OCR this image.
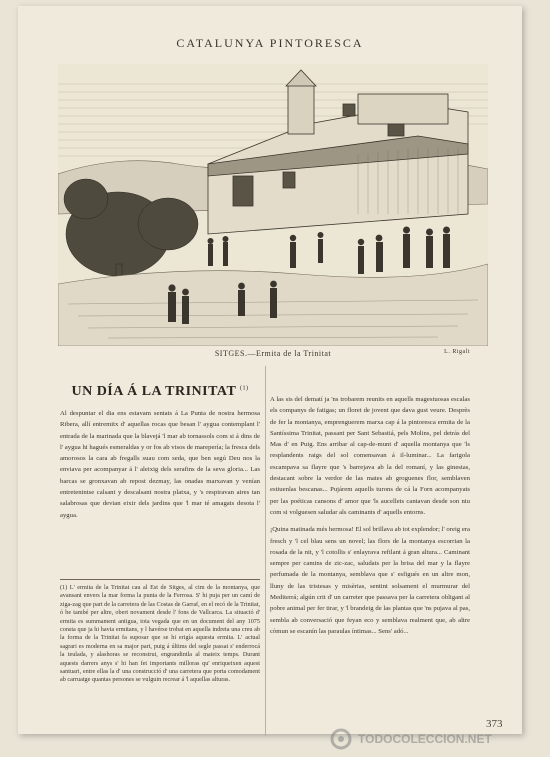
CATALUNYA PINTORESCA
SITGES.—Ermita de la Trinitat	L. Rigalt
UN DÍA Á LA TRINITAT $^{(1)}$
Al despuntar el dia ens estavam sentats á La Punta de nostra hermosa Ribera, allí entremitx d' aquellas rocas que besan l' aygua contemplant l' entrada de la marinada que la blavejá 'l mar ab tornassols com si á dins de l' aygua hi hagués esmeraldas y or fos ab visos de marepería; la fresca dels amorosos la cara ab fregalls suau com seda, que ben segú Deu nos la enviava per acompanyar á l' aleixig dels serafins de la seva gloria... Las barcas se gronxavan ab repost dezmay, las onadas marxavan y venían entretenintse calsant y descalsant nostra platxa, y 's respiravan aires tan salabrosas que devian eixir dels jardins que 'l mar té amagats desota l' aygua.
(1) L' ermita de la Trinitat cau al Est de Sitges, al cim de la montanya, que avansant envers la mar forma la punta de la Ferrosa. S' hi puja per un camí de ziga-zag que part de la carretera de las Costas de Garraf, en el recó de la Trinitat, ó be també per altre, obert novament desde l' fons de Vallcarca. La situació d' ermita es summament antigua, tota vegada que en un document del any 1075 consta que ja hi havia ermitans, y l havérse trobat en aquella indreta una creu ab la forma de la Trinitat fa suposar que se hi erigía aquesta ermita. L' actual sagrari es moderna en sa major part, puig á últims del segle passat s' enderrocá la teulada, y alashoras se reconstrui, engrandintla al mateix temps. Durant aquests darrers anys s' hi han fet importants milloras qu' enriqueixen aquest santuari, entre ellas la d' una construcció d' una carretera que porta comodament ab carruatge quantas persones se vulguin recrear á 'l aquellas alturas.
A las sis del dematí ja 'ns trobarem reunits en aquells magestuosas escalas els companys de fatigas; un floret de jovent que dava gust veure. Desprès de fer la montanya, emprenguerem marxa cap á la pintoresca ermita de la Santíssima Trinitat, passant per Sant Sebastiá, pels Molins, pel detrás del Mas d' en Puig. Ens arribar al cap-de-munt d' aquella montanya que 'ls resplandents raigs del sol comensavan á il-luminar... La farigola escampava sa flayre que 's barrejava ab la del romaní, y las ginestas, destacant sobre la verdor de las mates ab groguenes flor, semblaven estiuenlas bescanas... Pujárem aquells turons de cá la Forn acompanyats per las poéticas cansons d' amor que 'ls aucellets cantavan desde son niu com si volguesen saludar als caminants d' aquells entorns.
¡Quina matinada més hermosa! El sol brillava ab tot explendor; l' oreig era fresch y 'l cel blau sens un novel; las flors de la montanya escorrian la rosada de la nit, y 'l cotollis s' enlayrava refilant á gran altura... Caminant sempre per camins de zic-zac, saludats per la brisa del mar y la flayre perfumada de la montanya, semblava que s' esfigués en un altre mon, lluny de las tristesas y misèrias, sentint solsament el murmurar del Mediterrá; algún crit d' un carreter que passava per la carretera obligant al pobre animal per fer tirar, y 'l brandeig de las plantas que 'ns pujava al pas, sembla ab conversació que feyan eco y semblava realment que, ab altre còmun se escanín las paraulas íntimas... Sens' adó...
373
TODOCOLECCION.NET
